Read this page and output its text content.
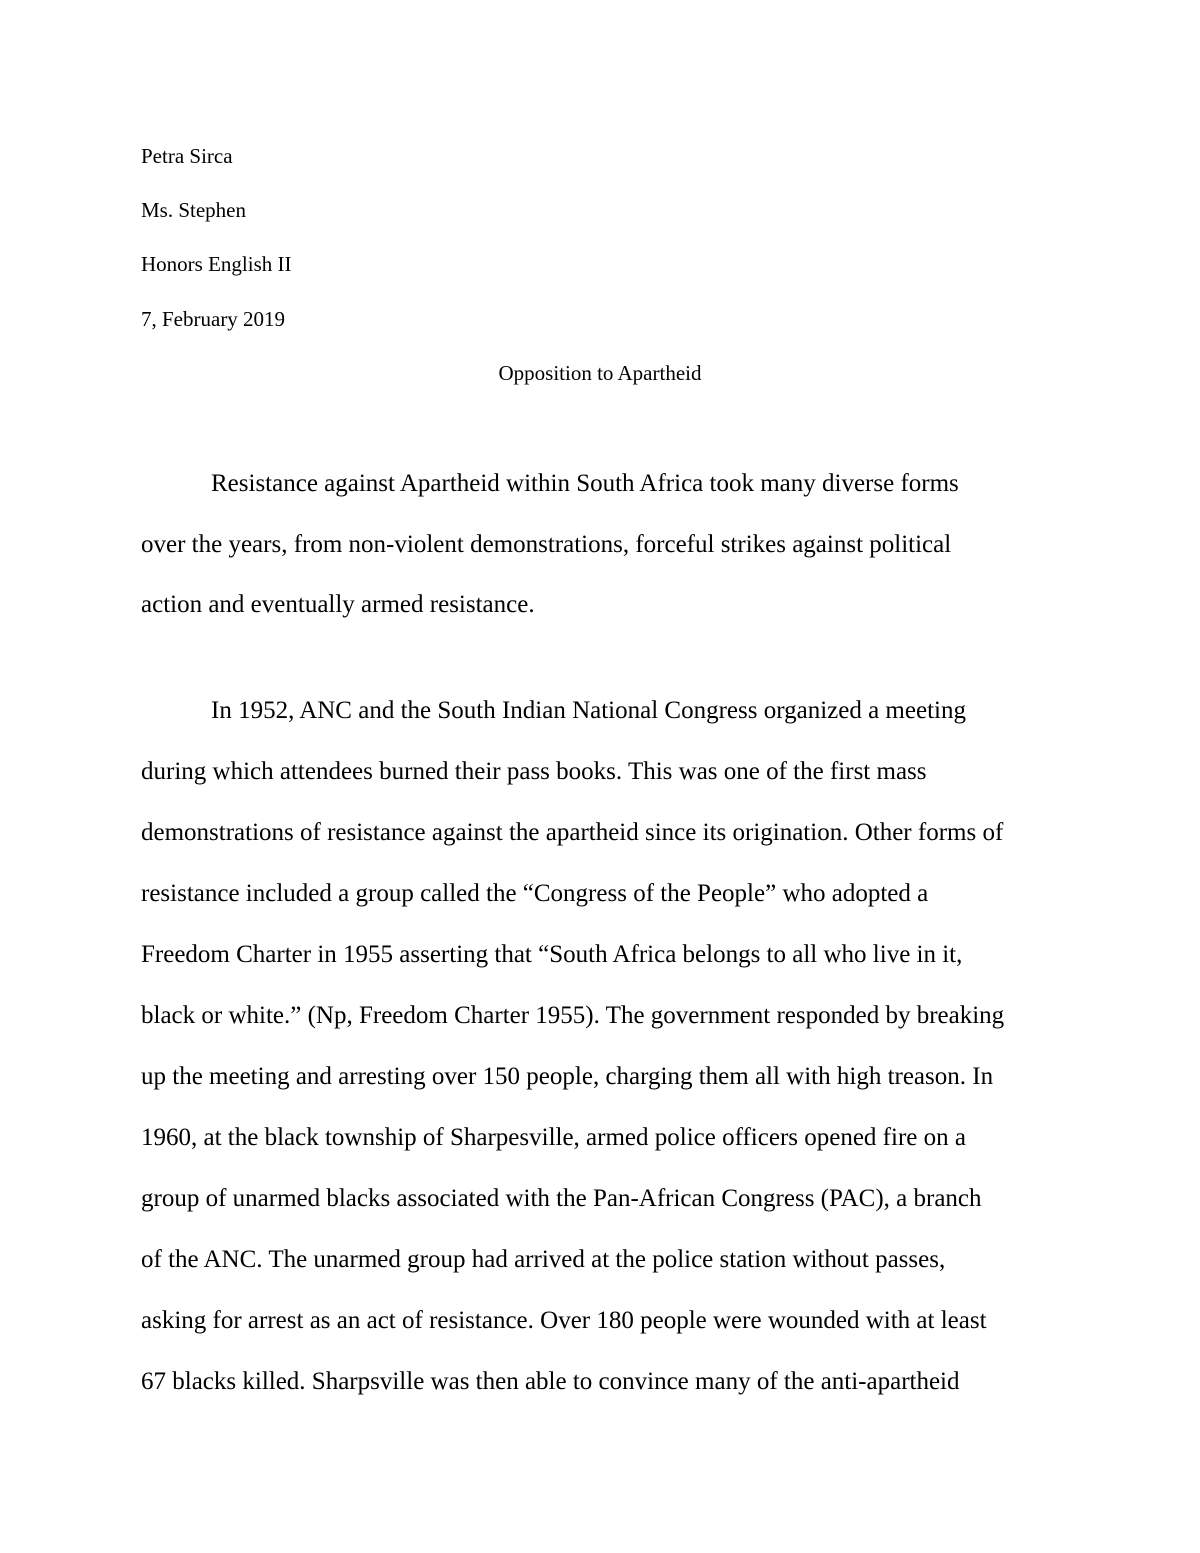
Petra Sirca
Ms. Stephen
Honors English II
7, February 2019
Opposition to Apartheid
Resistance against Apartheid within South Africa took many diverse forms
over the years, from non-violent demonstrations, forceful strikes against political
action and eventually armed resistance.
In 1952, ANC and the South Indian National Congress organized a meeting
during which attendees burned their pass books. This was one of the first mass
demonstrations of resistance against the apartheid since its origination. Other forms of
resistance included a group called the “Congress of the People” who adopted a
Freedom Charter in 1955 asserting that “South Africa belongs to all who live in it,
black or white.” (Np, Freedom Charter 1955). The government responded by breaking
up the meeting and arresting over 150 people, charging them all with high treason. In
1960, at the black township of Sharpesville, armed police officers opened fire on a
group of unarmed blacks associated with the Pan-African Congress (PAC), a branch
of the ANC. The unarmed group had arrived at the police station without passes,
asking for arrest as an act of resistance. Over 180 people were wounded with at least
67 blacks killed. Sharpsville was then able to convince many of the anti-apartheid
